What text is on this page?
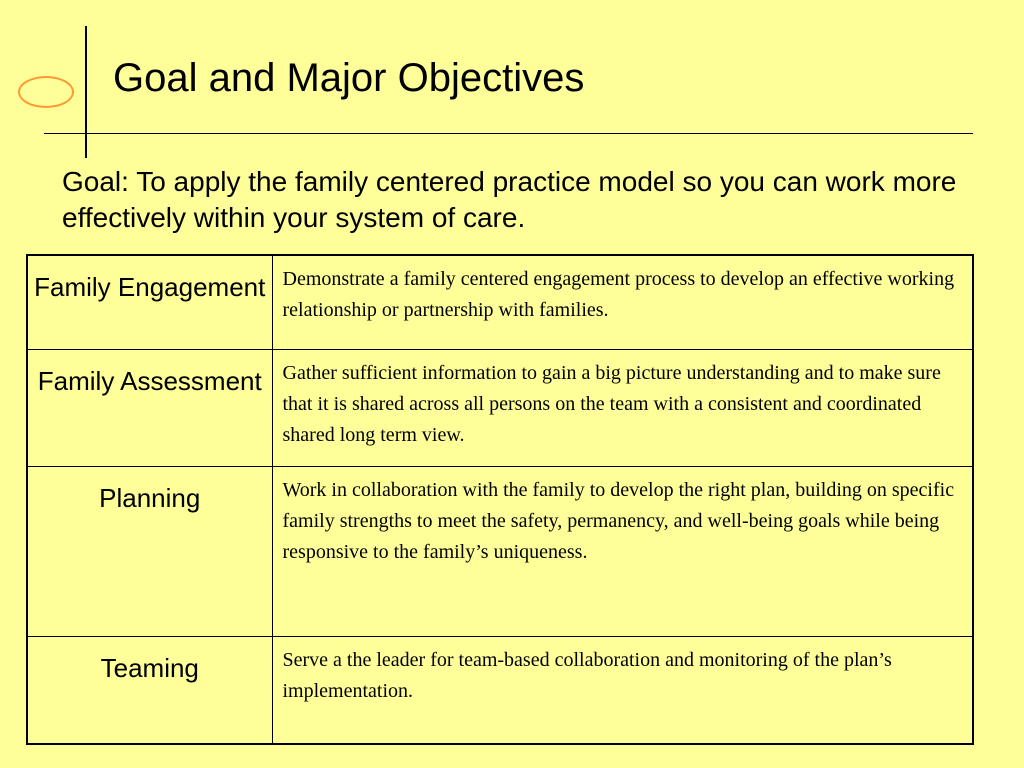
Goal and Major Objectives
Goal: To apply the family centered practice model so you can work more effectively within your system of care.
Family Engagement	Demonstrate a family centered engagement process to develop an effective working relationship or partnership with families.
Family Assessment	Gather sufficient information to gain a big picture understanding and to make sure that it is shared across all persons on the team with a consistent and coordinated shared long term view.
Planning	Work in collaboration with the family to develop the right plan, building on specific family strengths to meet the safety, permanency, and well-being goals while being responsive to the family’s uniqueness.
Teaming	Serve a the leader for team-based collaboration and monitoring of the plan’s implementation.
